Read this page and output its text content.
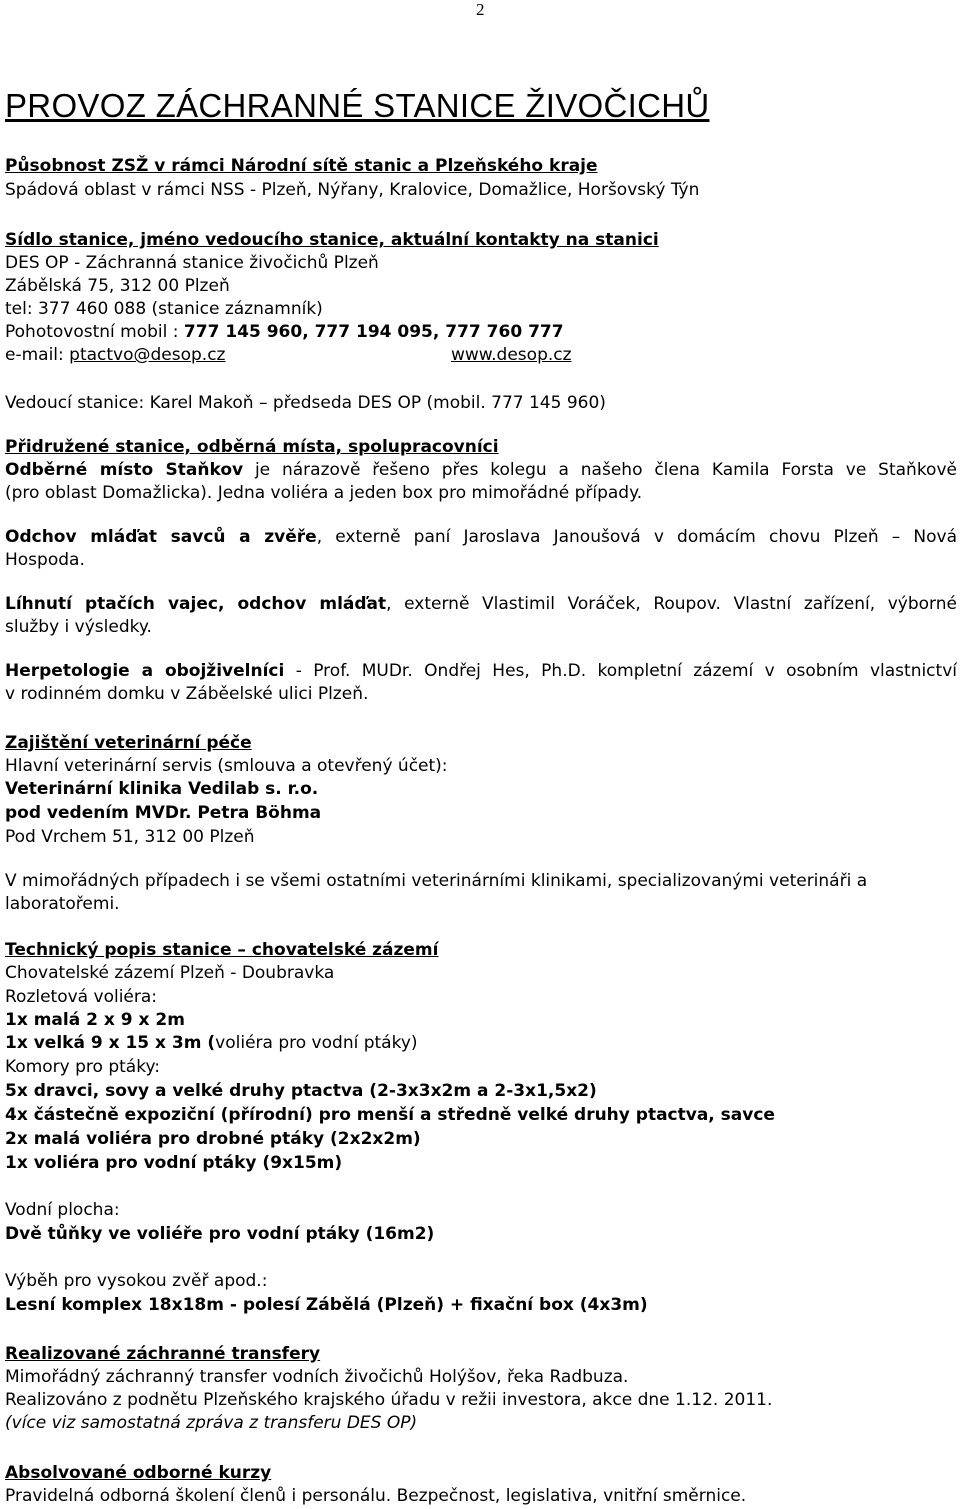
2
PROVOZ ZÁCHRANNÉ STANICE ŽIVOČICHŮ
Působnost ZSŽ v rámci Národní sítě stanic a Plzeňského kraje
Spádová oblast v rámci NSS - Plzeň, Nýřany, Kralovice, Domažlice, Horšovský Týn
Sídlo stanice, jméno vedoucího stanice, aktuální kontakty na stanici
DES OP - Záchranná stanice živočichů Plzeň
Zábělská 75, 312 00 Plzeň
tel: 377 460 088 (stanice záznamník)
Pohotovostní mobil : 777 145 960, 777 194 095, 777 760 777
e-mail: ptactvo@desop.cz	www.desop.cz
Vedoucí stanice: Karel Makoň – předseda DES OP (mobil. 777 145 960)
Přidružené stanice, odběrná místa, spolupracovníci
Odběrné místo Staňkov je nárazově řešeno přes kolegu a našeho člena Kamila Forsta ve Staňkově
(pro oblast Domažlicka). Jedna voliéra a jeden box pro mimořádné případy.
Odchov mláďat savců a zvěře, externě paní Jaroslava Janoušová v domácím chovu Plzeň – Nová
Hospoda.
Líhnutí ptačích vajec, odchov mláďat, externě Vlastimil Voráček, Roupov. Vlastní zařízení, výborné
služby i výsledky.
Herpetologie a obojživelníci - Prof. MUDr. Ondřej Hes, Ph.D. kompletní zázemí v osobním vlastnictví
v rodinném domku v Záběelské ulici Plzeň.
Zajištění veterinární péče
Hlavní veterinární servis (smlouva a otevřený účet):
Veterinární klinika Vedilab s. r.o.
pod vedením MVDr. Petra Böhma
Pod Vrchem 51, 312 00 Plzeň
V mimořádných případech i se všemi ostatními veterinárními klinikami, specializovanými veterináři a
laboratořemi.
Technický popis stanice – chovatelské zázemí
Chovatelské zázemí Plzeň - Doubravka
Rozletová voliéra:
1x malá 2 x 9 x 2m
1x velká 9 x 15 x 3m (voliéra pro vodní ptáky)
Komory pro ptáky:
5x dravci, sovy a velké druhy ptactva (2-3x3x2m a 2-3x1,5x2)
4x částečně expoziční (přírodní) pro menší a středně velké druhy ptactva, savce
2x malá voliéra pro drobné ptáky (2x2x2m)
1x voliéra pro vodní ptáky (9x15m)
Vodní plocha:
Dvě tůňky ve voliéře pro vodní ptáky (16m2)
Výběh pro vysokou zvěř apod.:
Lesní komplex 18x18m - polesí Zábělá (Plzeň) + fixační box (4x3m)
Realizované záchranné transfery
Mimořádný záchranný transfer vodních živočichů Holýšov, řeka Radbuza.
Realizováno z podnětu Plzeňského krajského úřadu v režii investora, akce dne 1.12. 2011.
(více viz samostatná zpráva z transferu DES OP)
Absolvované odborné kurzy
Pravidelná odborná školení členů i personálu. Bezpečnost, legislativa, vnitřní směrnice.
